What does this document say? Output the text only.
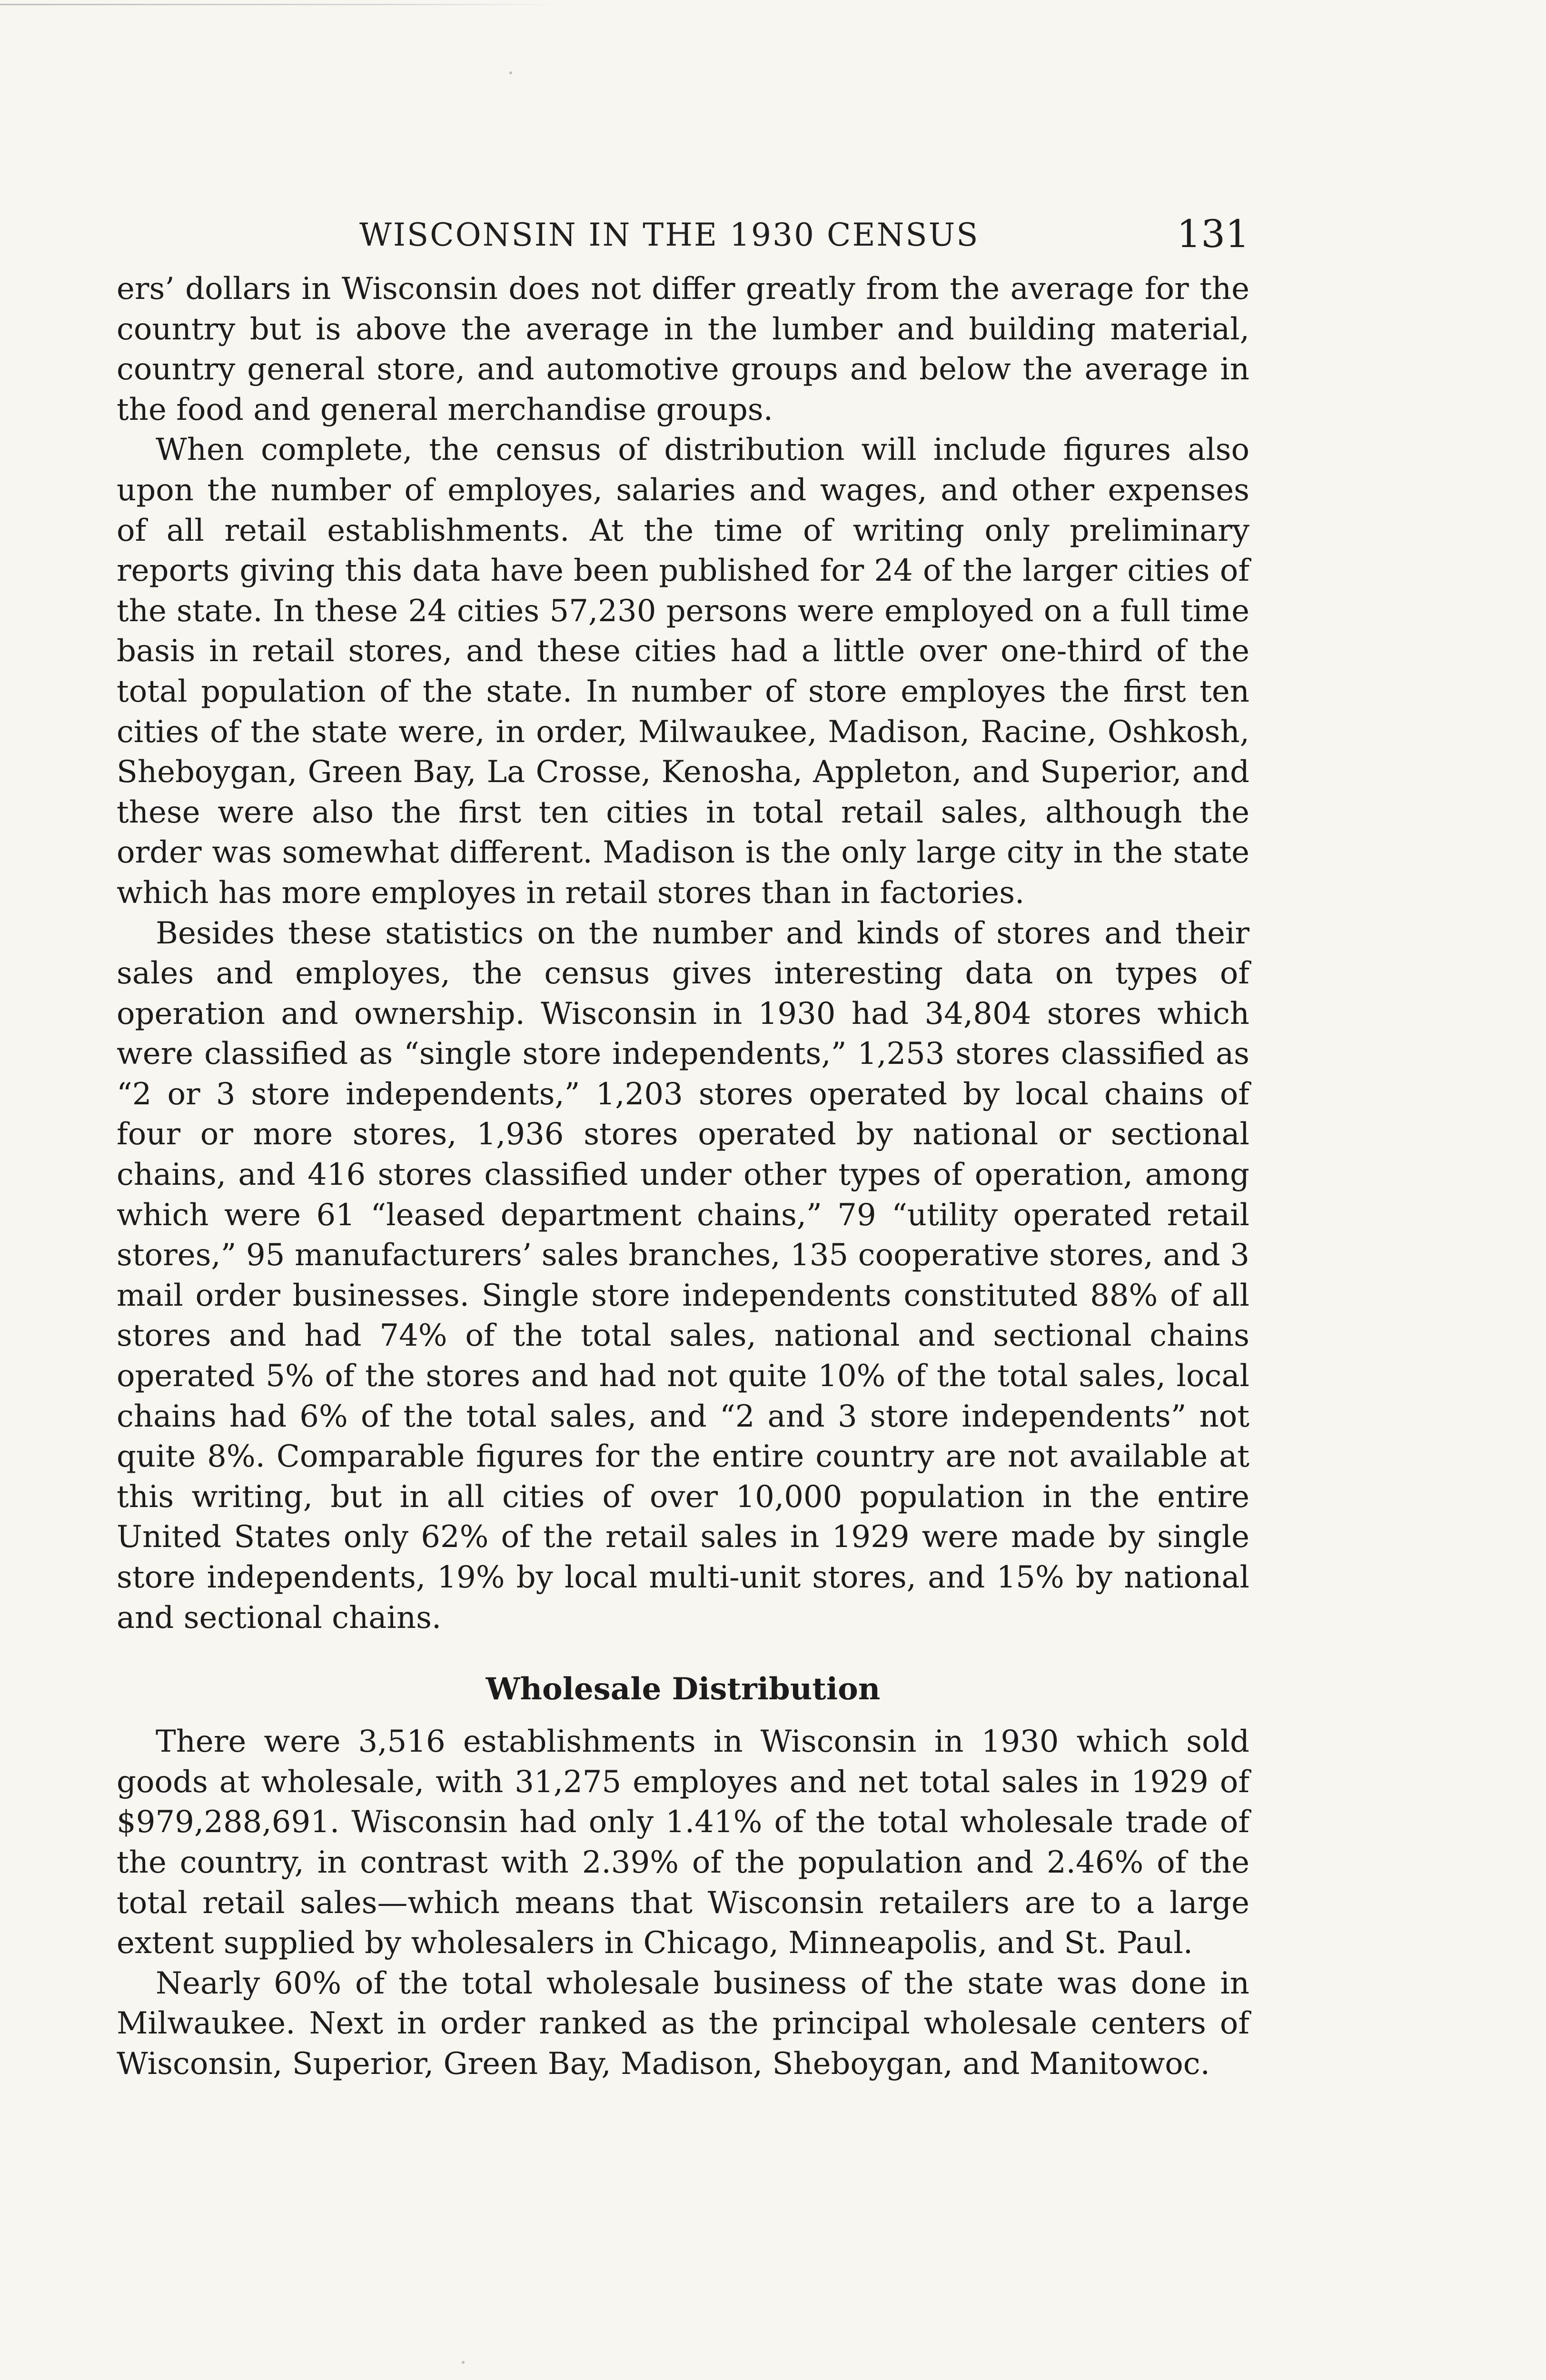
WISCONSIN IN THE 1930 CENSUS	131

ers’ dollars in Wisconsin does not differ greatly from the average for the country but is above the average in the lumber and building material, country general store, and automotive groups and below the average in the food and general merchandise groups.

When complete, the census of distribution will include figures also upon the number of employes, salaries and wages, and other expenses of all retail establishments. At the time of writing only preliminary reports giving this data have been published for 24 of the larger cities of the state. In these 24 cities 57,230 persons were employed on a full time basis in retail stores, and these cities had a little over one-third of the total population of the state. In number of store employes the first ten cities of the state were, in order, Milwaukee, Madison, Racine, Oshkosh, Sheboygan, Green Bay, La Crosse, Kenosha, Appleton, and Superior, and these were also the first ten cities in total retail sales, although the order was somewhat different. Madison is the only large city in the state which has more employes in retail stores than in factories.

Besides these statistics on the number and kinds of stores and their sales and employes, the census gives interesting data on types of operation and ownership. Wisconsin in 1930 had 34,804 stores which were classified as “single store independents,” 1,253 stores classified as “2 or 3 store independents,” 1,203 stores operated by local chains of four or more stores, 1,936 stores operated by national or sectional chains, and 416 stores classified under other types of operation, among which were 61 “leased department chains,” 79 “utility operated retail stores,” 95 manufacturers’ sales branches, 135 cooperative stores, and 3 mail order businesses. Single store independents constituted 88% of all stores and had 74% of the total sales, national and sectional chains operated 5% of the stores and had not quite 10% of the total sales, local chains had 6% of the total sales, and “2 and 3 store independents” not quite 8%. Comparable figures for the entire country are not available at this writing, but in all cities of over 10,000 population in the entire United States only 62% of the retail sales in 1929 were made by single store independents, 19% by local multi-unit stores, and 15% by national and sectional chains.

Wholesale Distribution

There were 3,516 establishments in Wisconsin in 1930 which sold goods at wholesale, with 31,275 employes and net total sales in 1929 of $979,288,691. Wisconsin had only 1.41% of the total wholesale trade of the country, in contrast with 2.39% of the population and 2.46% of the total retail sales—which means that Wisconsin retailers are to a large extent supplied by wholesalers in Chicago, Minneapolis, and St. Paul.

Nearly 60% of the total wholesale business of the state was done in Milwaukee. Next in order ranked as the principal wholesale centers of Wisconsin, Superior, Green Bay, Madison, Sheboygan, and Manitowoc.
